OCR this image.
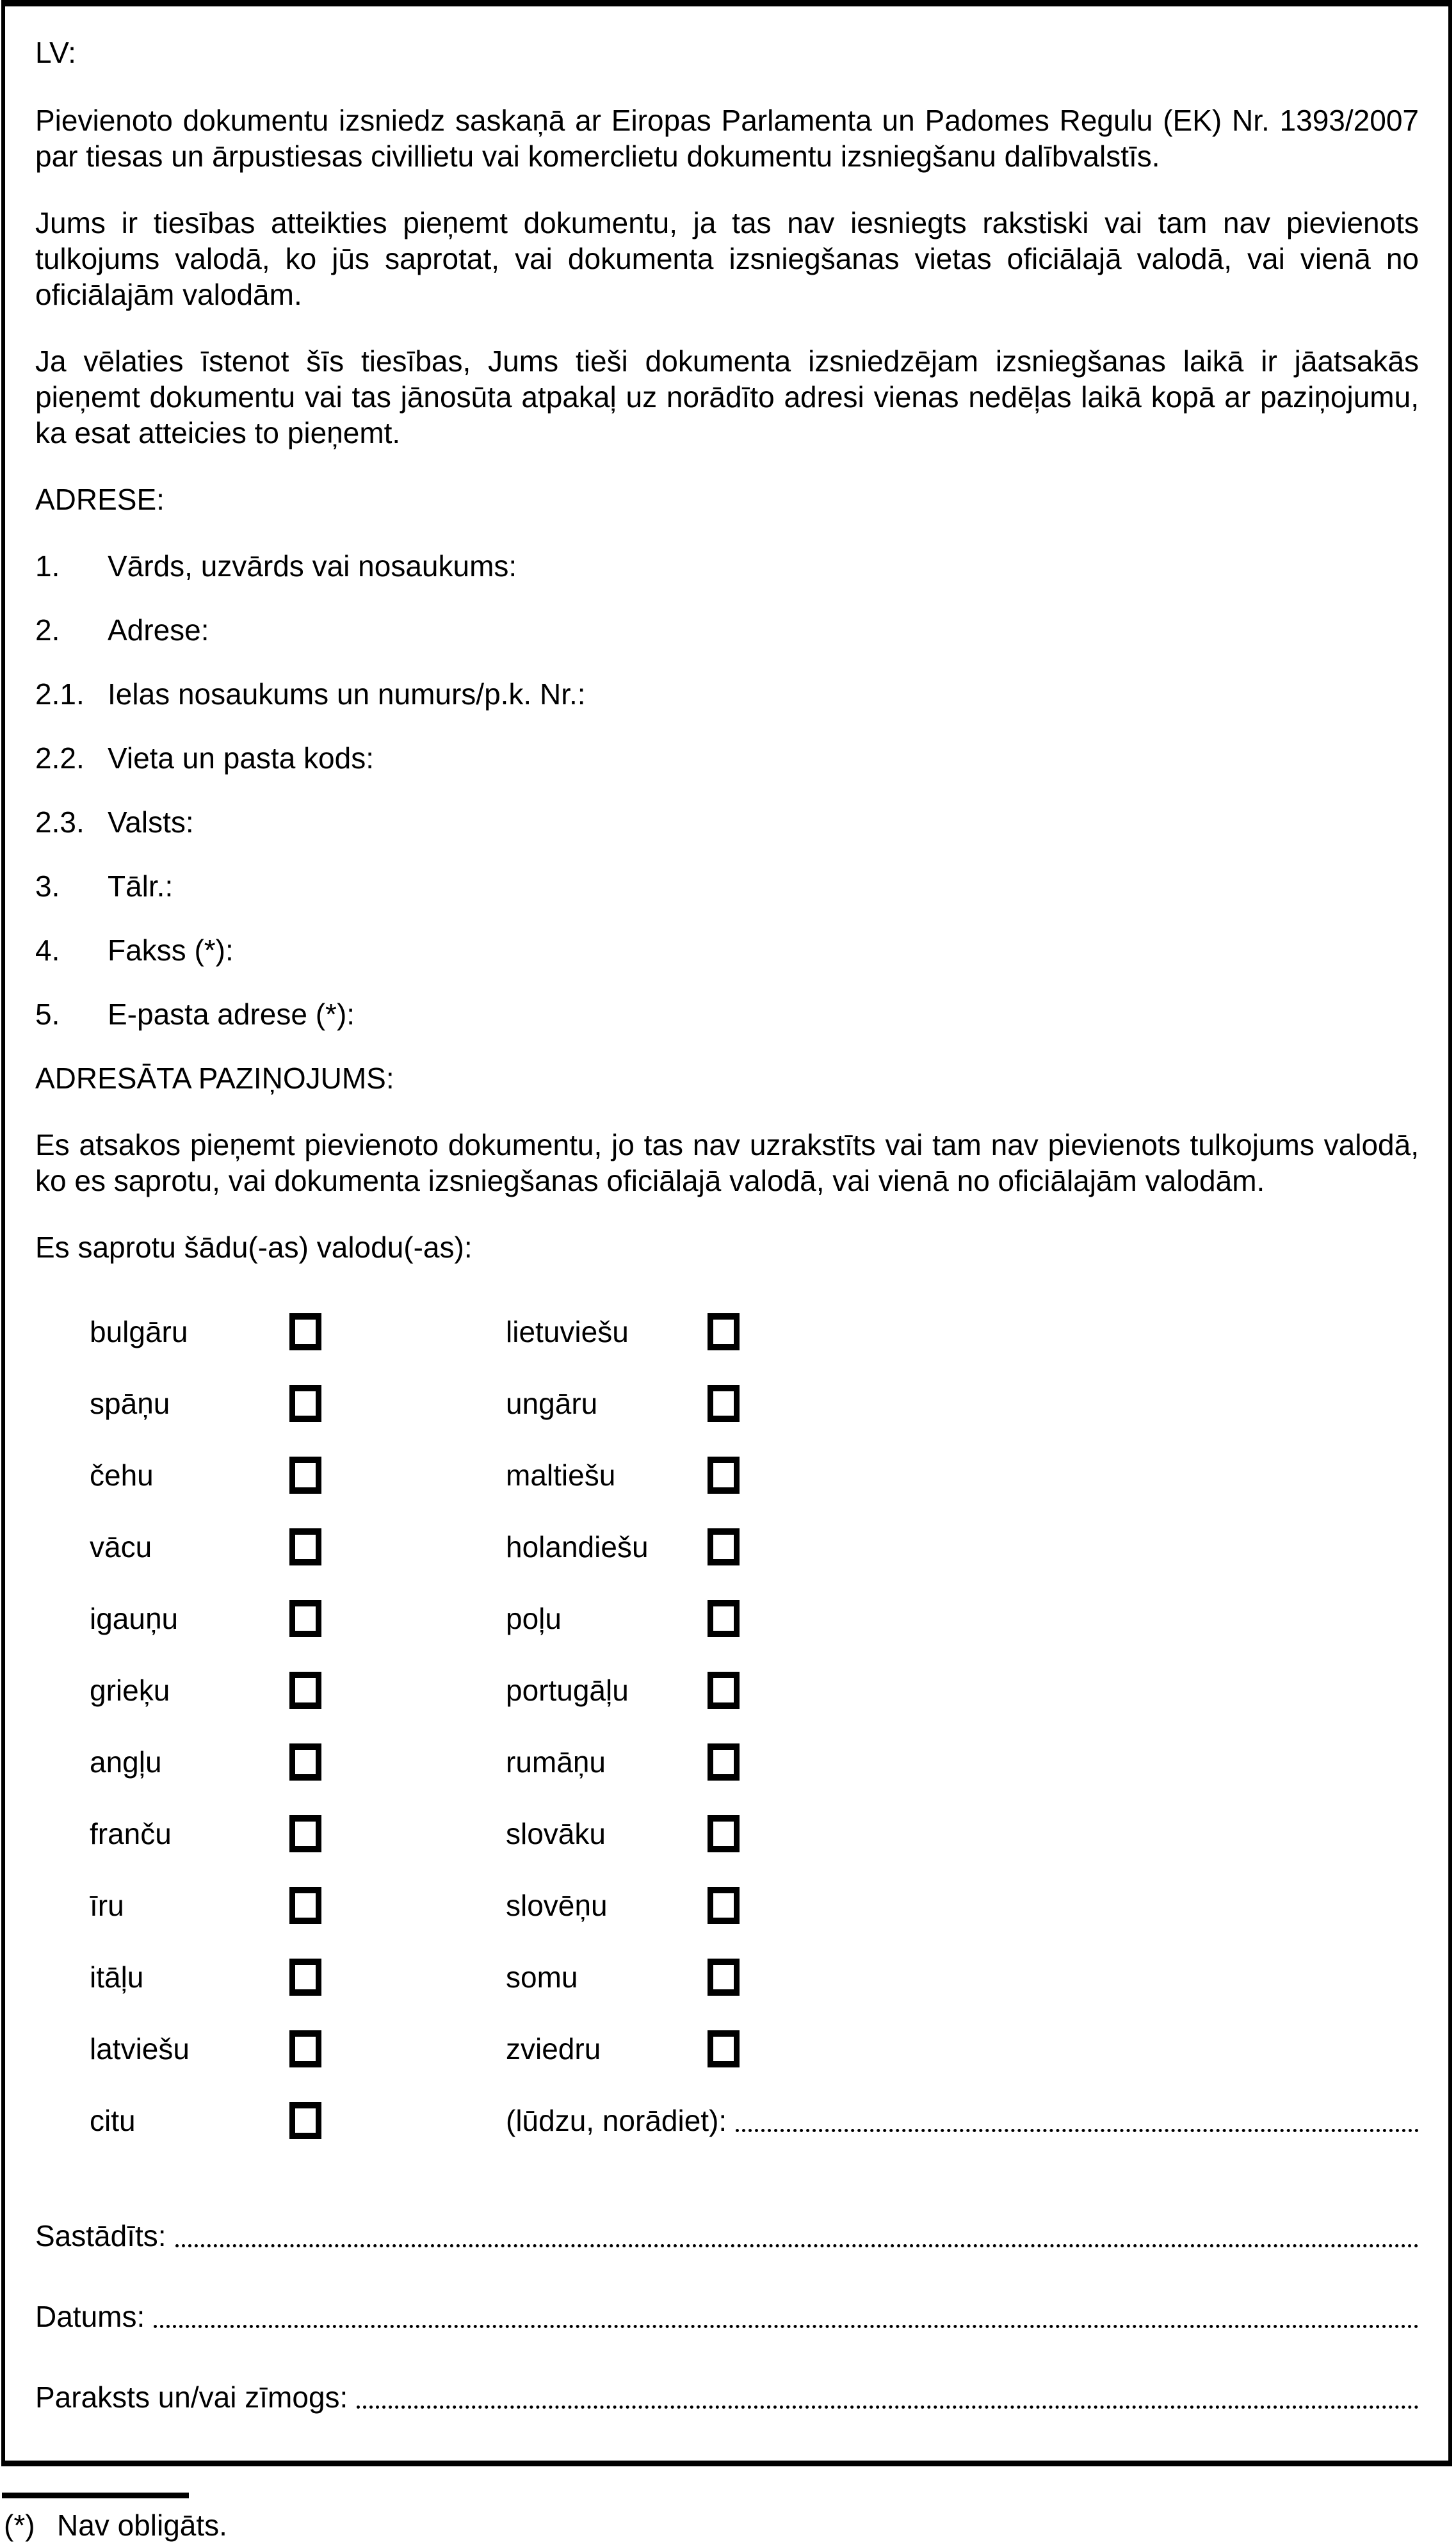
LV:

Pievienoto dokumentu izsniedz saskaņā ar Eiropas Parlamenta un Padomes Regulu (EK) Nr. 1393/2007 par tiesas un ārpustiesas civillietu vai komerclietu dokumentu izsniegšanu dalībvalstīs.

Jums ir tiesības atteikties pieņemt dokumentu, ja tas nav iesniegts rakstiski vai tam nav pievienots tulkojums valodā, ko jūs saprotat, vai dokumenta izsniegšanas vietas oficiālajā valodā, vai vienā no oficiālajām valodām.

Ja vēlaties īstenot šīs tiesības, Jums tieši dokumenta izsniedzējam izsniegšanas laikā ir jāatsakās pieņemt dokumentu vai tas jānosūta atpakaļ uz norādīto adresi vienas nedēļas laikā kopā ar paziņojumu, ka esat atteicies to pieņemt.

ADRESE:
1.	Vārds, uzvārds vai nosaukums:
2.	Adrese:
2.1. Ielas nosaukums un numurs/p.k. Nr.:
2.2. Vieta un pasta kods:
2.3. Valsts:
3.	Tālr.:
4.	Fakss (*):
5.	E-pasta adrese (*):
ADRESĀTA PAZIŅOJUMS:

Es atsakos pieņemt pievienoto dokumentu, jo tas nav uzrakstīts vai tam nav pievienots tulkojums valodā, ko es saprotu, vai dokumenta izsniegšanas oficiālajā valodā, vai vienā no oficiālajām valodām.

Es saprotu šādu(-as) valodu(-as):
bulgāru	lietuviešu
spāņu	ungāru
čehu	maltiešu
vācu	holandiešu
igauņu	poļu
grieķu	portugāļu
angļu	rumāņu
franču	slovāku
īru	slovēņu
itāļu	somu
latviešu	zviedru
citu	(lūdzu, norādiet):
Sastādīts:
Datums:
Paraksts un/vai zīmogs:
(*) Nav obligāts.
